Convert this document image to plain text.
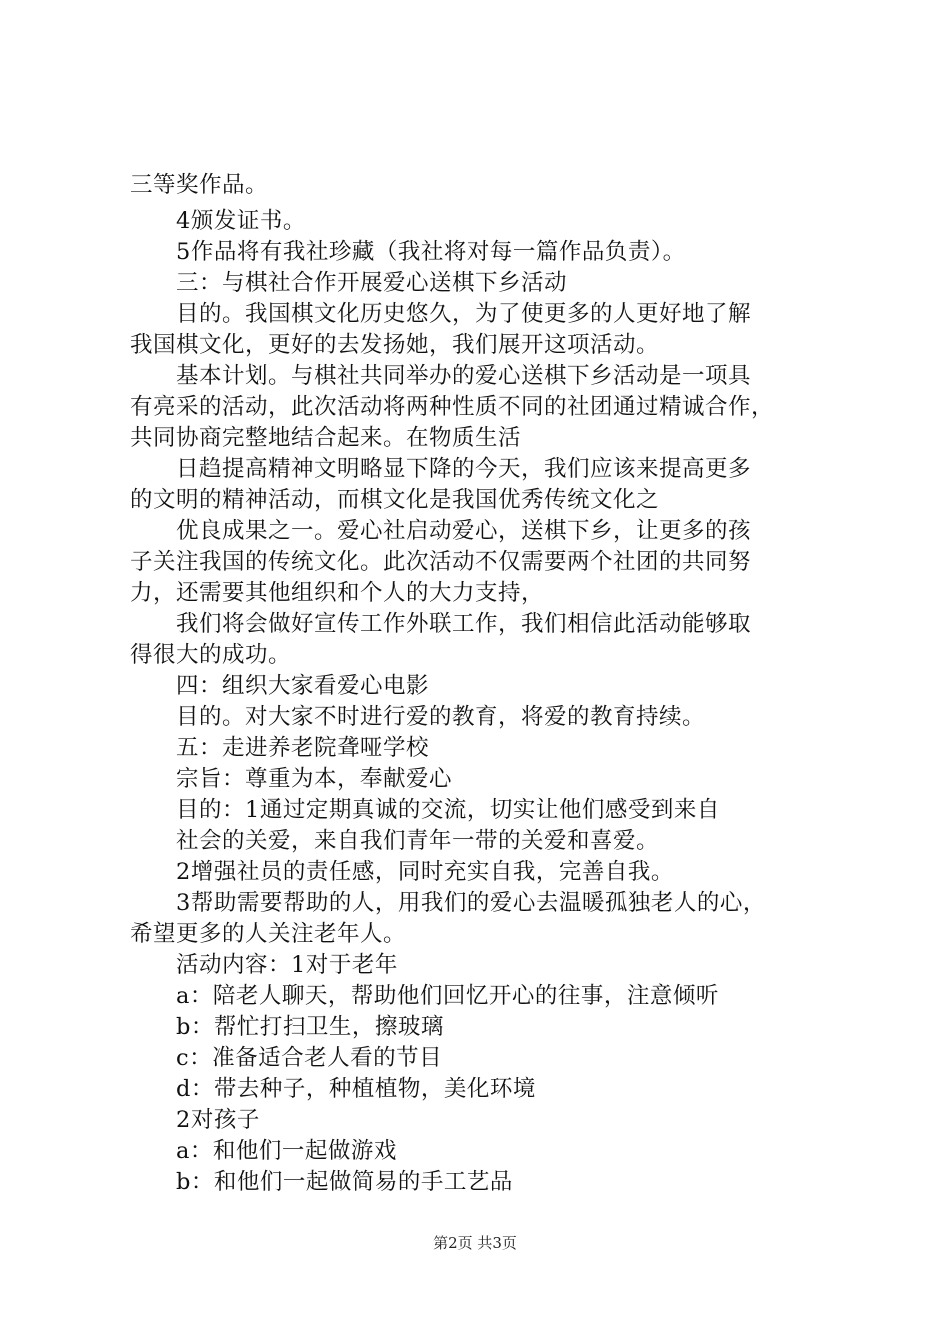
三等奖作品。
4颁发证书。
5作品将有我社珍藏（我社将对每一篇作品负责）。
三：与棋社合作开展爱心送棋下乡活动
目的。我国棋文化历史悠久，为了使更多的人更好地了解
我国棋文化，更好的去发扬她，我们展开这项活动。
基本计划。与棋社共同举办的爱心送棋下乡活动是一项具
有亮采的活动，此次活动将两种性质不同的社团通过精诚合作，
共同协商完整地结合起来。在物质生活
日趋提高精神文明略显下降的今天，我们应该来提高更多
的文明的精神活动，而棋文化是我国优秀传统文化之
优良成果之一。爱心社启动爱心，送棋下乡，让更多的孩
子关注我国的传统文化。此次活动不仅需要两个社团的共同努
力，还需要其他组织和个人的大力支持，
我们将会做好宣传工作外联工作，我们相信此活动能够取
得很大的成功。
四：组织大家看爱心电影
目的。对大家不时进行爱的教育，将爱的教育持续。
五：走进养老院聋哑学校
宗旨：尊重为本，奉献爱心
目的：1通过定期真诚的交流，切实让他们感受到来自
社会的关爱，来自我们青年一带的关爱和喜爱。
2增强社员的责任感，同时充实自我，完善自我。
3帮助需要帮助的人，用我们的爱心去温暖孤独老人的心，
希望更多的人关注老年人。
活动内容：1对于老年
a：陪老人聊天，帮助他们回忆开心的往事，注意倾听
b：帮忙打扫卫生，擦玻璃
c：准备适合老人看的节目
d：带去种子，种植植物，美化环境
2对孩子
a：和他们一起做游戏
b：和他们一起做简易的手工艺品
第2页 共3页
